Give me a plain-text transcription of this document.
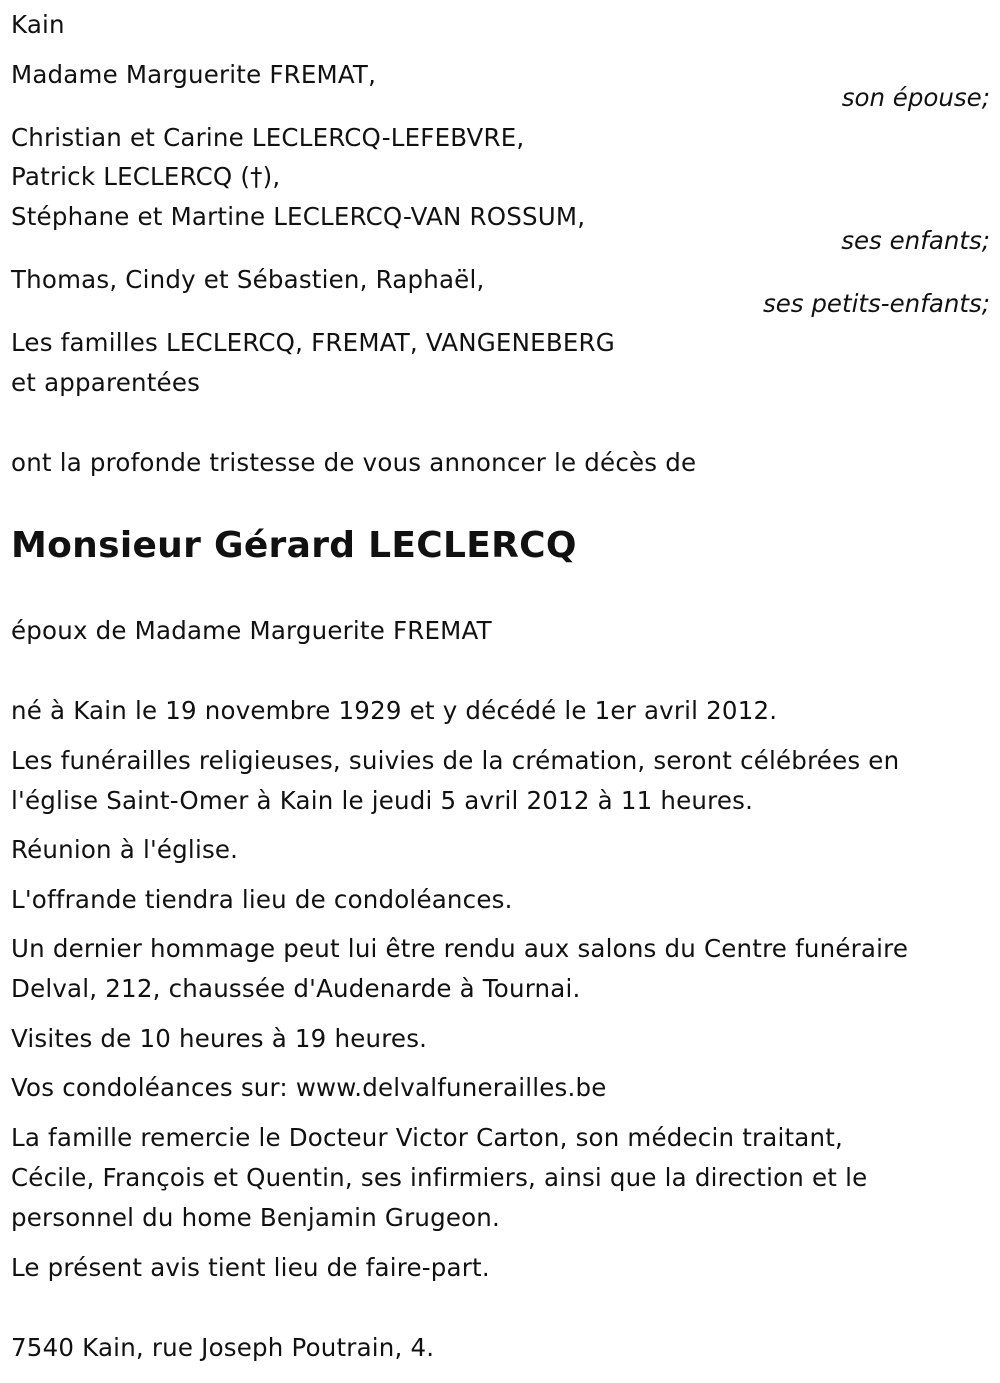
Kain

Madame Marguerite FREMAT,

son épouse;

Christian et Carine LECLERCQ-LEFEBVRE,

Patrick LECLERCQ (†),

Stéphane et Martine LECLERCQ-VAN ROSSUM,

ses enfants;

Thomas, Cindy et Sébastien, Raphaël,

ses petits-enfants;

Les familles LECLERCQ, FREMAT, VANGENEBERG

et apparentées

ont la profonde tristesse de vous annoncer le décès de

Monsieur Gérard LECLERCQ

époux de Madame Marguerite FREMAT

né à Kain le 19 novembre 1929 et y décédé le 1er avril 2012.

Les funérailles religieuses, suivies de la crémation, seront célébrées en

l'église Saint-Omer à Kain le jeudi 5 avril 2012 à 11 heures.

Réunion à l'église.

L'offrande tiendra lieu de condoléances.

Un dernier hommage peut lui être rendu aux salons du Centre funéraire

Delval, 212, chaussée d'Audenarde à Tournai.

Visites de 10 heures à 19 heures.

Vos condoléances sur: www.delvalfunerailles.be

La famille remercie le Docteur Victor Carton, son médecin traitant,

Cécile, François et Quentin, ses infirmiers, ainsi que la direction et le

personnel du home Benjamin Grugeon.

Le présent avis tient lieu de faire-part.

7540 Kain, rue Joseph Poutrain, 4.
